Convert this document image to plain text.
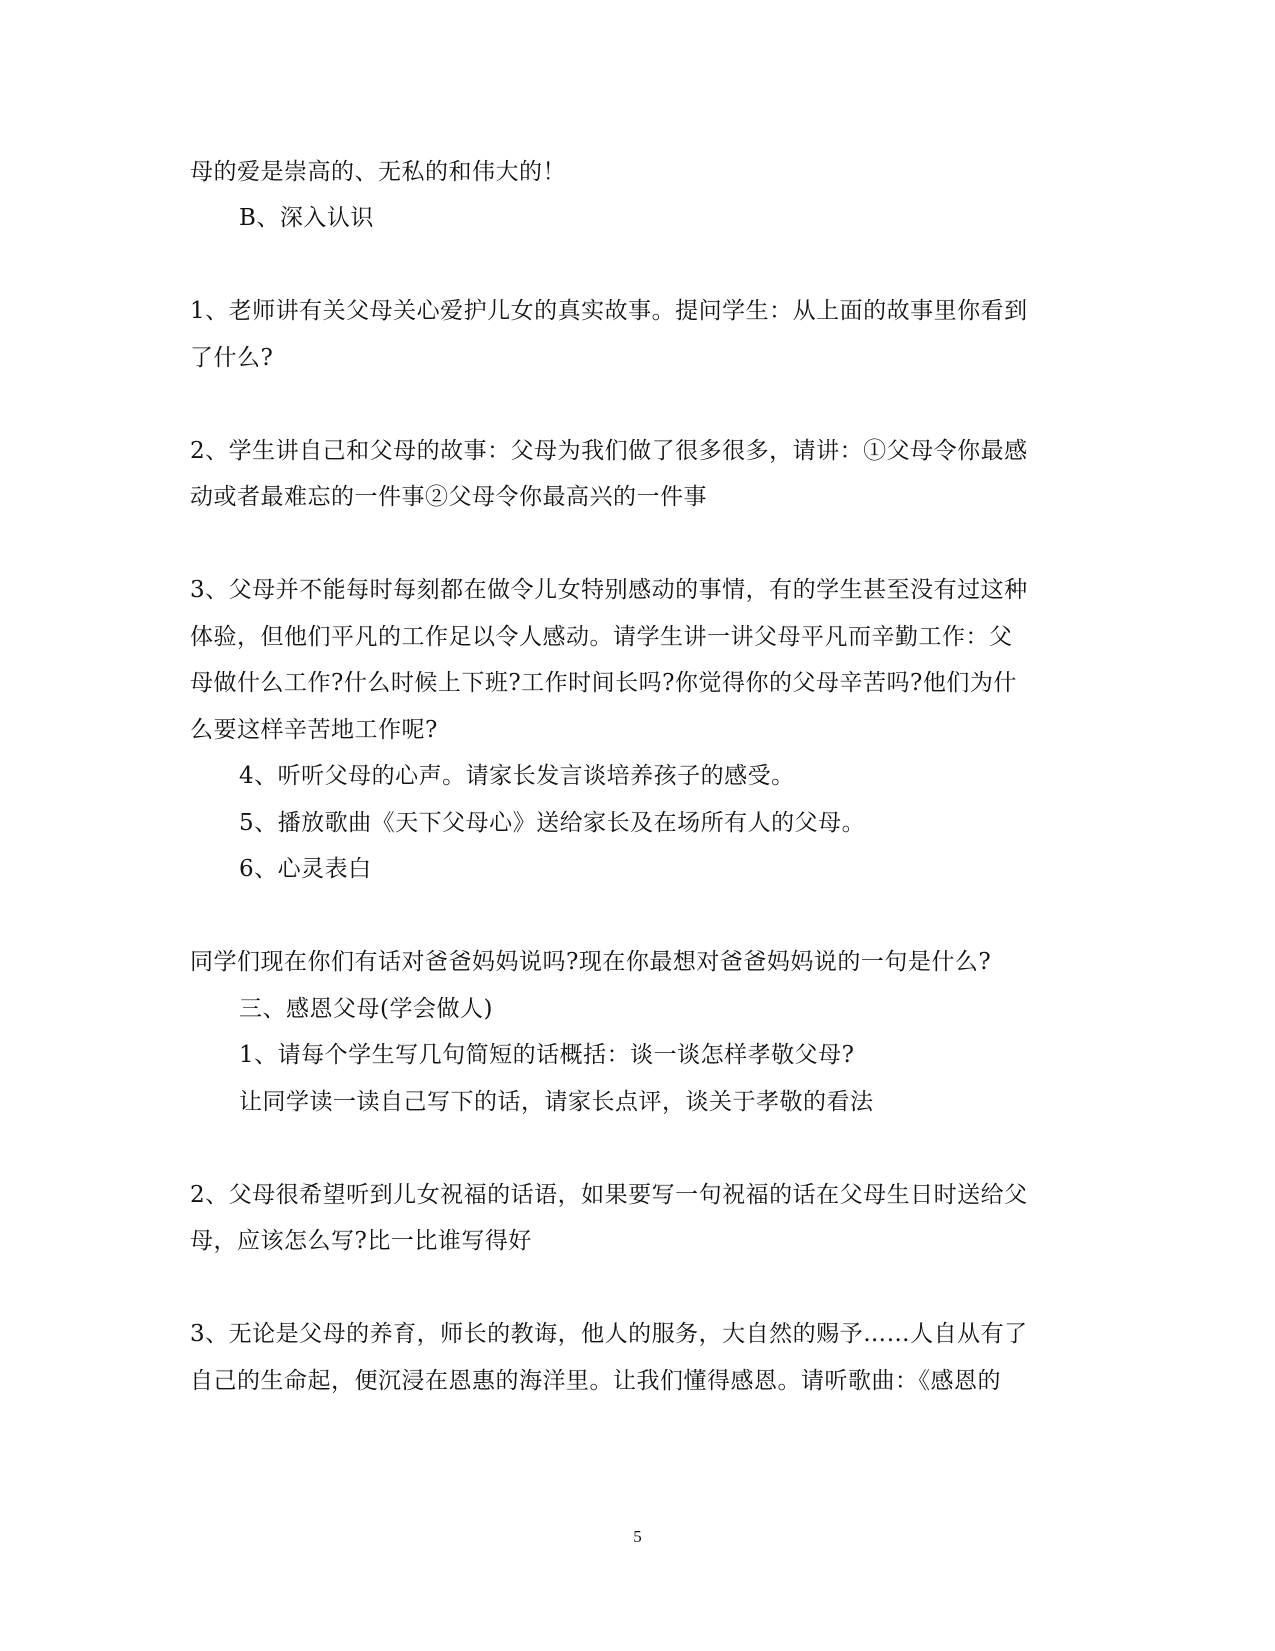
母的爱是崇高的、无私的和伟大的！
B、深入认识
1、老师讲有关父母关心爱护儿女的真实故事。提问学生：从上面的故事里你看到
了什么?
2、学生讲自己和父母的故事：父母为我们做了很多很多，请讲：①父母令你最感
动或者最难忘的一件事②父母令你最高兴的一件事
3、父母并不能每时每刻都在做令儿女特别感动的事情，有的学生甚至没有过这种
体验，但他们平凡的工作足以令人感动。请学生讲一讲父母平凡而辛勤工作：父
母做什么工作?什么时候上下班?工作时间长吗?你觉得你的父母辛苦吗?他们为什
么要这样辛苦地工作呢?
4、听听父母的心声。请家长发言谈培养孩子的感受。
5、播放歌曲《天下父母心》送给家长及在场所有人的父母。
6、心灵表白
同学们现在你们有话对爸爸妈妈说吗?现在你最想对爸爸妈妈说的一句是什么?
三、感恩父母(学会做人)
1、请每个学生写几句简短的话概括：谈一谈怎样孝敬父母?
让同学读一读自己写下的话，请家长点评，谈关于孝敬的看法
2、父母很希望听到儿女祝福的话语，如果要写一句祝福的话在父母生日时送给父
母，应该怎么写?比一比谁写得好
3、无论是父母的养育，师长的教诲，他人的服务，大自然的赐予……人自从有了
自己的生命起，便沉浸在恩惠的海洋里。让我们懂得感恩。请听歌曲：《感恩的
5
